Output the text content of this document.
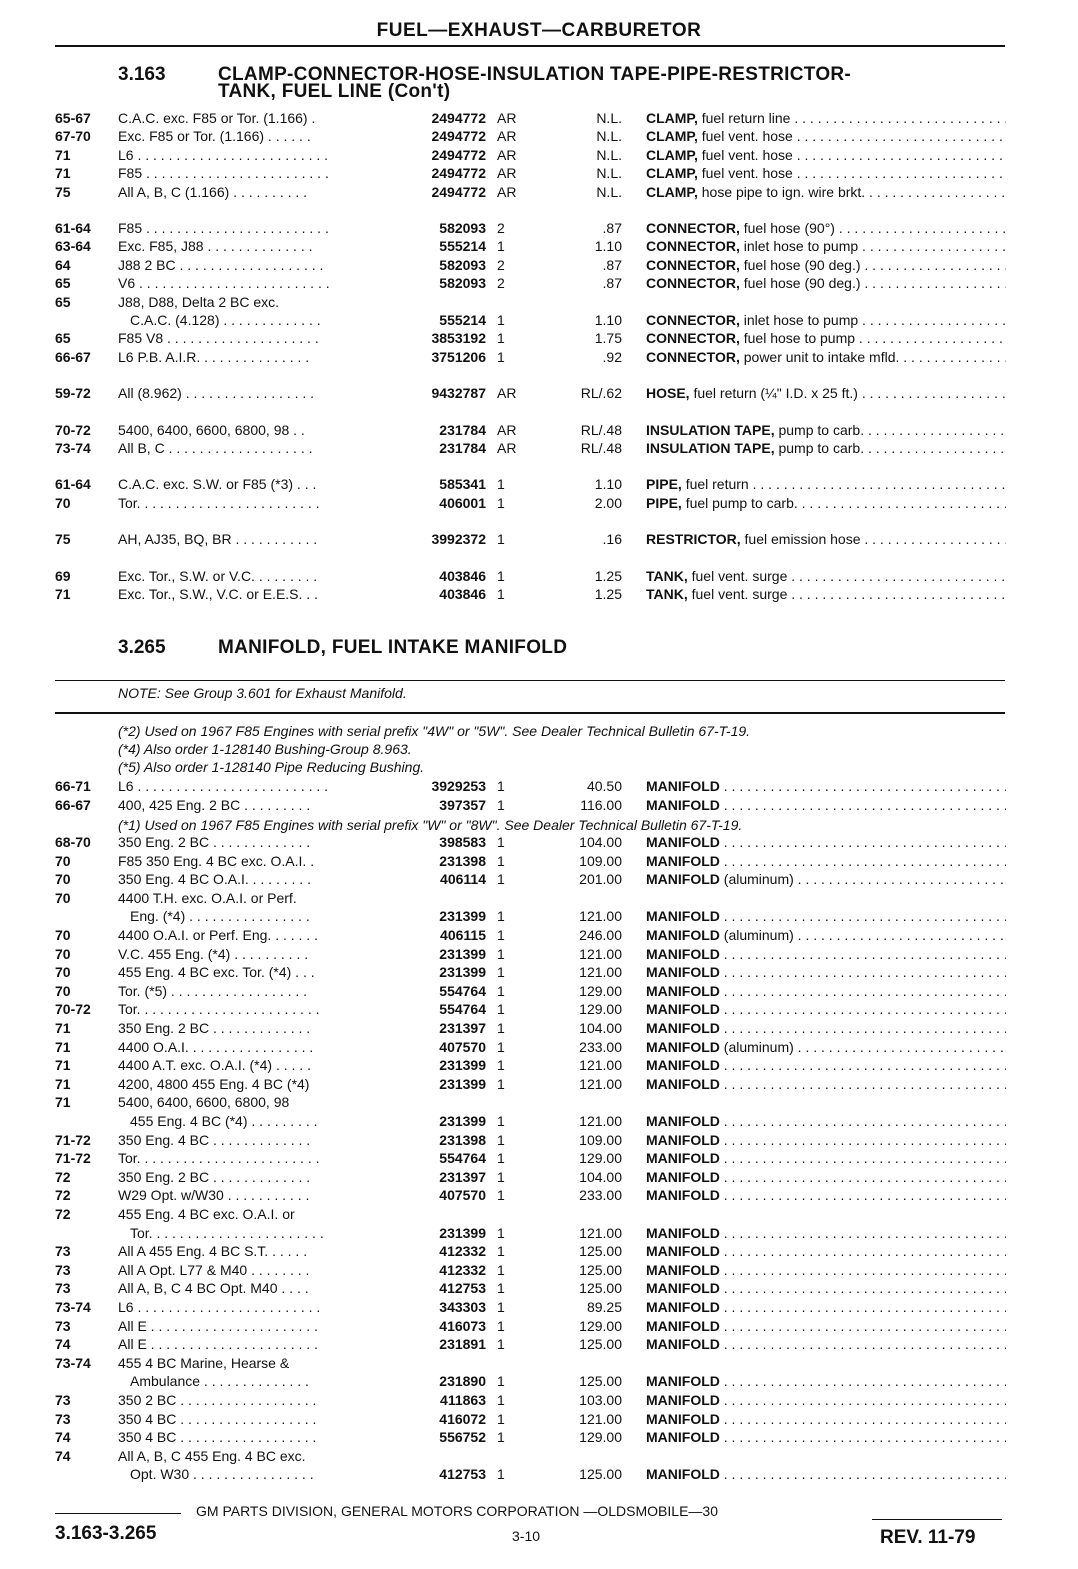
FUEL—EXHAUST—CARBURETOR
3.163	CLAMP-CONNECTOR-HOSE-INSULATION TAPE-PIPE-RESTRICTOR-
TANK, FUEL LINE (Con't)
65-67 C.A.C. exc. F85 or Tor. (1.166) .	2494772 AR	N.L. CLAMP, fuel return line . . .
67-70 Exc. F85 or Tor. (1.166) . . . . . .	2494772 AR	N.L. CLAMP, fuel vent. hose . . .
71	L6 . . . . . . . . . . . . . . . . . . . . . . . . .	2494772 AR	N.L. CLAMP, fuel vent. hose . . .
71	F85 . . . . . . . . . . . . . . . . . . . . . . . .	2494772 AR	N.L. CLAMP, fuel vent. hose . . .
75	All A, B, C (1.166) . . . . . . . . . .	2494772 AR	N.L. CLAMP, hose pipe to ign. wire brkt. . . .
61-64 F85 . . . . . . . . . . . . . . . . . . . . . . . .	582093 2	.87 CONNECTOR, fuel hose (90°) . . .
63-64 Exc. F85, J88 . . . . . . . . . . . . . .	555214 1	1.10 CONNECTOR, inlet hose to pump . . .
64	J88 2 BC . . . . . . . . . . . . . . . . . . .	582093 2	.87 CONNECTOR, fuel hose (90 deg.) . . .
65	V6 . . . . . . . . . . . . . . . . . . . . . . . . .	582093 2	.87 CONNECTOR, fuel hose (90 deg.) . . .
65	J88, D88, Delta 2 BC exc.
C.A.C. (4.128) . . . . . . . . . . . . .	555214 1	1.10 CONNECTOR, inlet hose to pump . . .
65	F85 V8 . . . . . . . . . . . . . . . . . . . .	3853192 1	1.75 CONNECTOR, fuel hose to pump . . .
66-67 L6 P.B. A.I.R. . . . . . . . . . . . . . .	3751206 1	.92 CONNECTOR, power unit to intake mfld. . . .
59-72 All (8.962) . . . . . . . . . . . . . . . . .	9432787 AR	RL/.62 HOSE, fuel return (¼" I.D. x 25 ft.) . . .
70-72 5400, 6400, 6600, 6800, 98 . .	231784 AR	RL/.48 INSULATION TAPE, pump to carb. . . .
73-74 All B, C . . . . . . . . . . . . . . . . . . .	231784 AR	RL/.48 INSULATION TAPE, pump to carb. . . .
61-64 C.A.C. exc. S.W. or F85 (*3) . . .	585341 1	1.10 PIPE, fuel return . . .
70	Tor. . . . . . . . . . . . . . . . . . . . . . . .	406001 1	2.00 PIPE, fuel pump to carb. . . .
75	AH, AJ35, BQ, BR . . . . . . . . . . .	3992372 1	.16 RESTRICTOR, fuel emission hose . . .
69	Exc. Tor., S.W. or V.C. . . . . . . . .	403846 1	1.25 TANK, fuel vent. surge . . .
71	Exc. Tor., S.W., V.C. or E.E.S. . .	403846 1	1.25 TANK, fuel vent. surge . . .
3.265	MANIFOLD, FUEL INTAKE MANIFOLD
NOTE: See Group 3.601 for Exhaust Manifold.
(*2) Used on 1967 F85 Engines with serial prefix "4W" or "5W". See Dealer Technical Bulletin 67-T-19.
(*4) Also order 1-128140 Bushing-Group 8.963.
(*5) Also order 1-128140 Pipe Reducing Bushing.
66-71 L6 . . . . . . . . . . . . . . . . . . . . . . . . .	3929253 1	40.50 MANIFOLD . . .
66-67 400, 425 Eng. 2 BC . . . . . . . . .	397357 1	116.00 MANIFOLD . . .
(*1) Used on 1967 F85 Engines with serial prefix "W" or "8W". See Dealer Technical Bulletin 67-T-19.
68-70 350 Eng. 2 BC . . . . . . . . . . . . .	398583 1	104.00 MANIFOLD . . .
70	F85 350 Eng. 4 BC exc. O.A.I. .	231398 1	109.00 MANIFOLD . . .
70	350 Eng. 4 BC O.A.I. . . . . . . . .	406114 1	201.00 MANIFOLD (aluminum) . . .
70	4400 T.H. exc. O.A.I. or Perf.
Eng. (*4) . . . . . . . . . . . . . . . .	231399 1	121.00 MANIFOLD . . .
70	4400 O.A.I. or Perf. Eng. . . . . . .	406115 1	246.00 MANIFOLD (aluminum) . . .
70	V.C. 455 Eng. (*4) . . . . . . . . . .	231399 1	121.00 MANIFOLD . . .
70	455 Eng. 4 BC exc. Tor. (*4) . . .	231399 1	121.00 MANIFOLD . . .
70	Tor. (*5) . . . . . . . . . . . . . . . . . .	554764 1	129.00 MANIFOLD . . .
70-72 Tor. . . . . . . . . . . . . . . . . . . . . . . .	554764 1	129.00 MANIFOLD . . .
71	350 Eng. 2 BC . . . . . . . . . . . . .	231397 1	104.00 MANIFOLD . . .
71	4400 O.A.I. . . . . . . . . . . . . . . . .	407570 1	233.00 MANIFOLD (aluminum) . . .
71	4400 A.T. exc. O.A.I. (*4) . . . . .	231399 1	121.00 MANIFOLD . . .
71	4200, 4800 455 Eng. 4 BC (*4)	231399 1	121.00 MANIFOLD . . .
71	5400, 6400, 6600, 6800, 98
455 Eng. 4 BC (*4) . . . . . . . . .	231399 1	121.00 MANIFOLD . . .
71-72 350 Eng. 4 BC . . . . . . . . . . . . .	231398 1	109.00 MANIFOLD . . .
71-72 Tor. . . . . . . . . . . . . . . . . . . . . . . .	554764 1	129.00 MANIFOLD . . .
72	350 Eng. 2 BC . . . . . . . . . . . . .	231397 1	104.00 MANIFOLD . . .
72	W29 Opt. w/W30 . . . . . . . . . . .	407570 1	233.00 MANIFOLD . . .
72	455 Eng. 4 BC exc. O.A.I. or
Tor. . . . . . . . . . . . . . . . . . . . . . .	231399 1	121.00 MANIFOLD . . .
73	All A 455 Eng. 4 BC S.T. . . . . .	412332 1	125.00 MANIFOLD . . .
73	All A Opt. L77 & M40 . . . . . . . .	412332 1	125.00 MANIFOLD . . .
73	All A, B, C 4 BC Opt. M40 . . . .	412753 1	125.00 MANIFOLD . . .
73-74 L6 . . . . . . . . . . . . . . . . . . . . . . . .	343303 1	89.25 MANIFOLD . . .
73	All E . . . . . . . . . . . . . . . . . . . . . .	416073 1	129.00 MANIFOLD . . .
74	All E . . . . . . . . . . . . . . . . . . . . . .	231891 1	125.00 MANIFOLD . . .
73-74 455 4 BC Marine, Hearse &
Ambulance . . . . . . . . . . . . . .	231890 1	125.00 MANIFOLD . . .
73	350 2 BC . . . . . . . . . . . . . . . . . .	411863 1	103.00 MANIFOLD . . .
73	350 4 BC . . . . . . . . . . . . . . . . . .	416072 1	121.00 MANIFOLD . . .
74	350 4 BC . . . . . . . . . . . . . . . . . .	556752 1	129.00 MANIFOLD . . .
74	All A, B, C 455 Eng. 4 BC exc.
Opt. W30 . . . . . . . . . . . . . . . .	412753 1	125.00 MANIFOLD . . .
GM PARTS DIVISION, GENERAL MOTORS CORPORATION —OLDSMOBILE—30
3.163-3.265	3-10	REV. 11-79
